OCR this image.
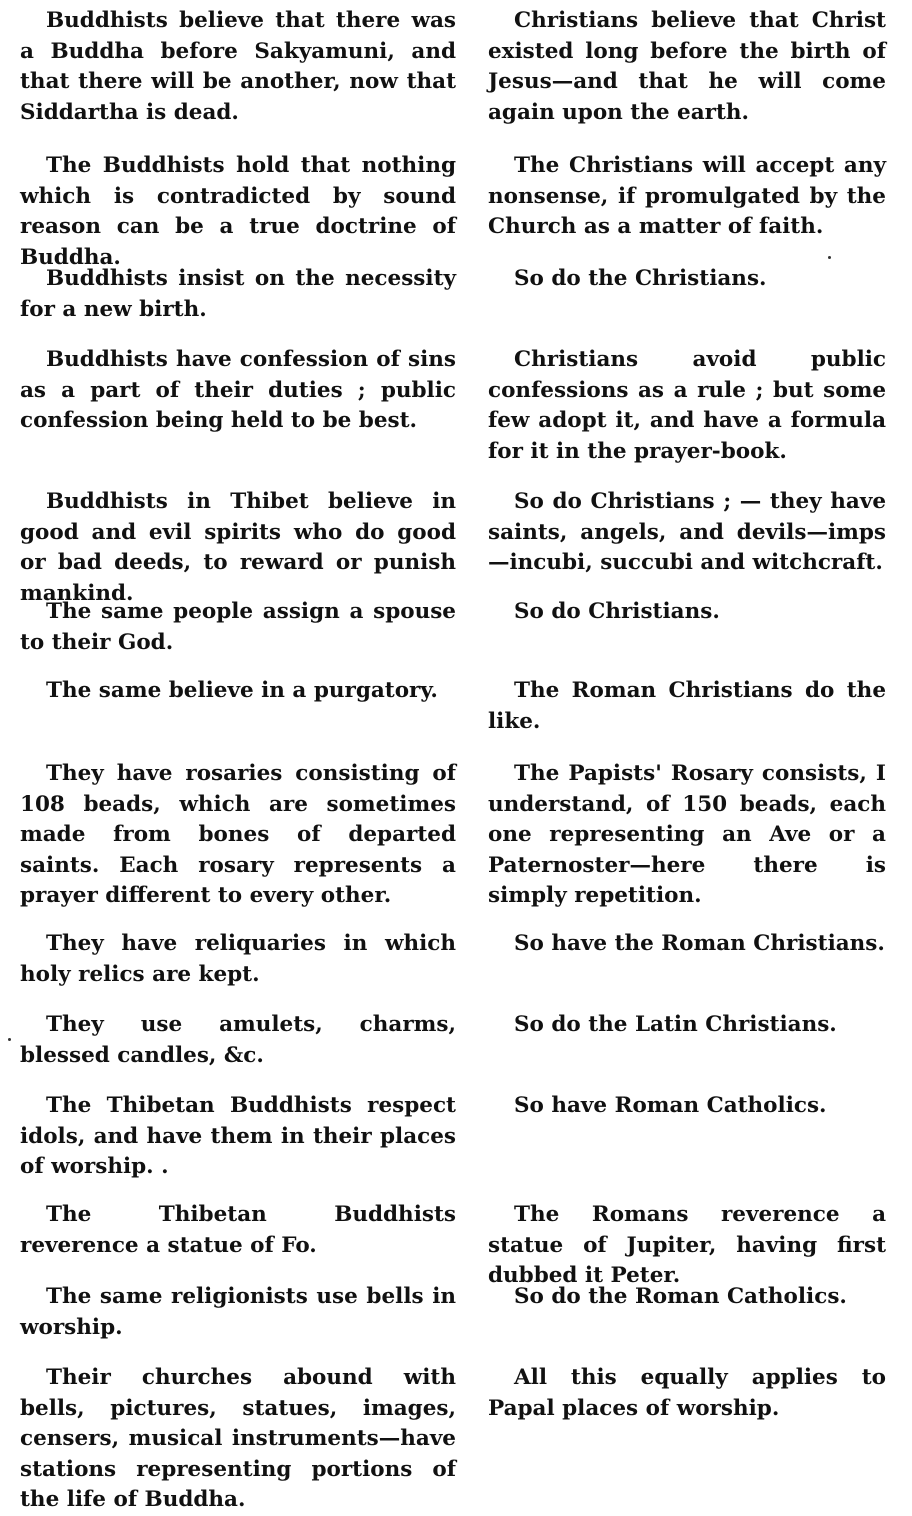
Buddhists believe that there was a Buddha before Sakyamuni, and that there will be another, now that Siddartha is dead.
Christians believe that Christ existed long before the birth of Jesus—and that he will come again upon the earth.
The Buddhists hold that nothing which is contradicted by sound reason can be a true doctrine of Buddha.
The Christians will accept any nonsense, if promulgated by the Church as a matter of faith.
Buddhists insist on the necessity for a new birth.
So do the Christians.
Buddhists have confession of sins as a part of their duties ; public confession being held to be best.
Christians avoid public confessions as a rule ; but some few adopt it, and have a formula for it in the prayer-book.
Buddhists in Thibet believe in good and evil spirits who do good or bad deeds, to reward or punish mankind.
So do Christians ; — they have saints, angels, and devils—imps—incubi, succubi and witchcraft.
The same people assign a spouse to their God.
So do Christians.
The same believe in a purgatory.	The Roman Christians do the like.
They have rosaries consisting of 108 beads, which are sometimes made from bones of departed saints. Each rosary represents a prayer different to every other.
The Papists' Rosary consists, I understand, of 150 beads, each one representing an Ave or a Paternoster—here there is simply repetition.
They have reliquaries in which holy relics are kept.
So have the Roman Christians.
They use amulets, charms, blessed candles, &c.
So do the Latin Christians.
The Thibetan Buddhists respect idols, and have them in their places of worship. .
So have Roman Catholics.
The Thibetan Buddhists reverence a statue of Fo.
The Romans reverence a statue of Jupiter, having first dubbed it Peter.
The same religionists use bells in worship.
So do the Roman Catholics.
Their churches abound with bells, pictures, statues, images, censers, musical instruments—have stations representing portions of the life of Buddha.
All this equally applies to Papal places of worship.
